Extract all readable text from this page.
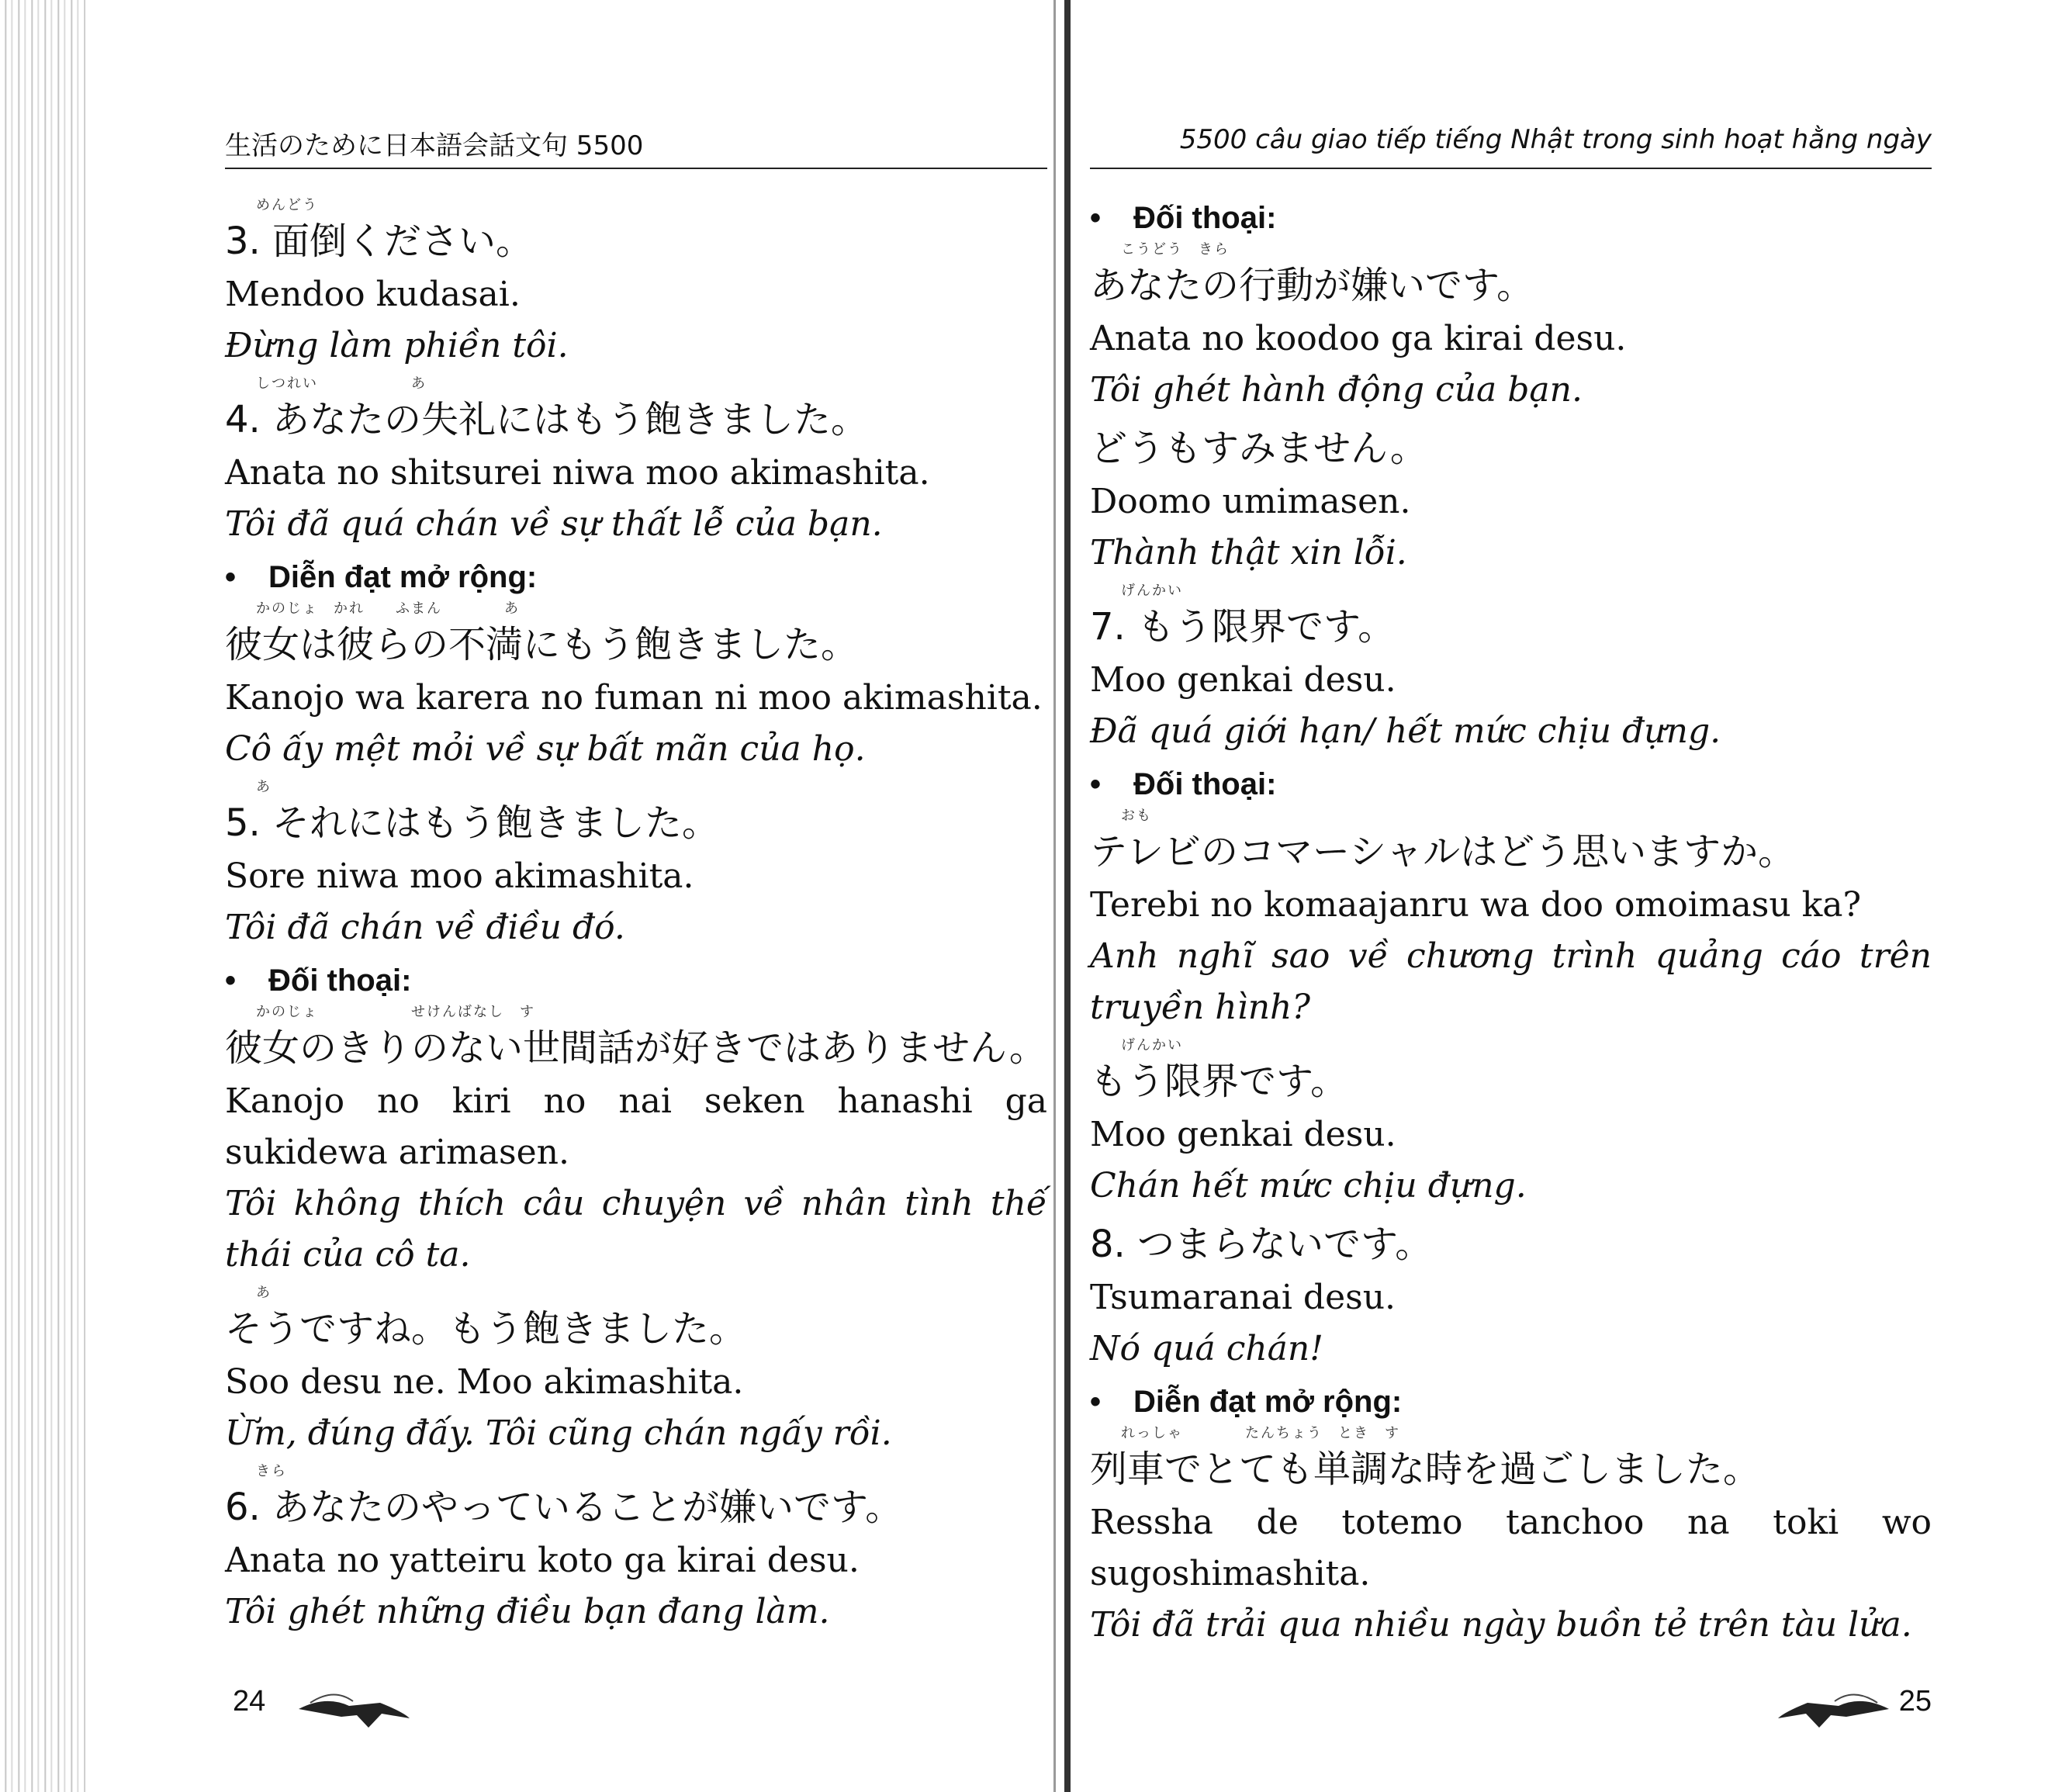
生活のために日本語会話文句 5500
めんどう
3. 面倒ください。
Mendoo kudasai.
Đừng làm phiền tôi.
しつれい　　　　　　あ
4. あなたの失礼にはもう飽きました。
Anata no shitsurei niwa moo akimashita.
Tôi đã quá chán về sự thất lễ của bạn.
• Diễn đạt mở rộng:
かのじょ　かれ　　ふまん　　　　あ
彼女は彼らの不満にもう飽きました。
Kanojo wa karera no fuman ni moo akimashita.
Cô ấy mệt mỏi về sự bất mãn của họ.
あ
5. それにはもう飽きました。
Sore niwa moo akimashita.
Tôi đã chán về điều đó.
• Đối thoại:
かのじょ　　　　　　せけんばなし　す
彼女のきりのない世間話が好きではありません。
Kanojo no kiri no nai seken hanashi ga sukidewa arimasen.
Tôi không thích câu chuyện về nhân tình thế thái của cô ta.
あ
そうですね。もう飽きました。
Soo desu ne. Moo akimashita.
Ừm, đúng đấy. Tôi cũng chán ngấy rồi.
きら
6. あなたのやっていることが嫌いです。
Anata no yatteiru koto ga kirai desu.
Tôi ghét những điều bạn đang làm.
24
5500 câu giao tiếp tiếng Nhật trong sinh hoạt hằng ngày
• Đối thoại:
こうどう　きら
あなたの行動が嫌いです。
Anata no koodoo ga kirai desu.
Tôi ghét hành động của bạn.
どうもすみません。
Doomo umimasen.
Thành thật xin lỗi.
げんかい
7. もう限界です。
Moo genkai desu.
Đã quá giới hạn/ hết mức chịu đựng.
• Đối thoại:
おも
テレビのコマーシャルはどう思いますか。
Terebi no komaajanru wa doo omoimasu ka?
Anh nghĩ sao về chương trình quảng cáo trên truyền hình?
げんかい
もう限界です。
Moo genkai desu.
Chán hết mức chịu đựng.
8. つまらないです。
Tsumaranai desu.
Nó quá chán!
• Diễn đạt mở rộng:
れっしゃ　　　　たんちょう　とき　す
列車でとても単調な時を過ごしました。
Ressha de totemo tanchoo na toki wo sugoshimashita.
Tôi đã trải qua nhiều ngày buồn tẻ trên tàu lửa.
25
